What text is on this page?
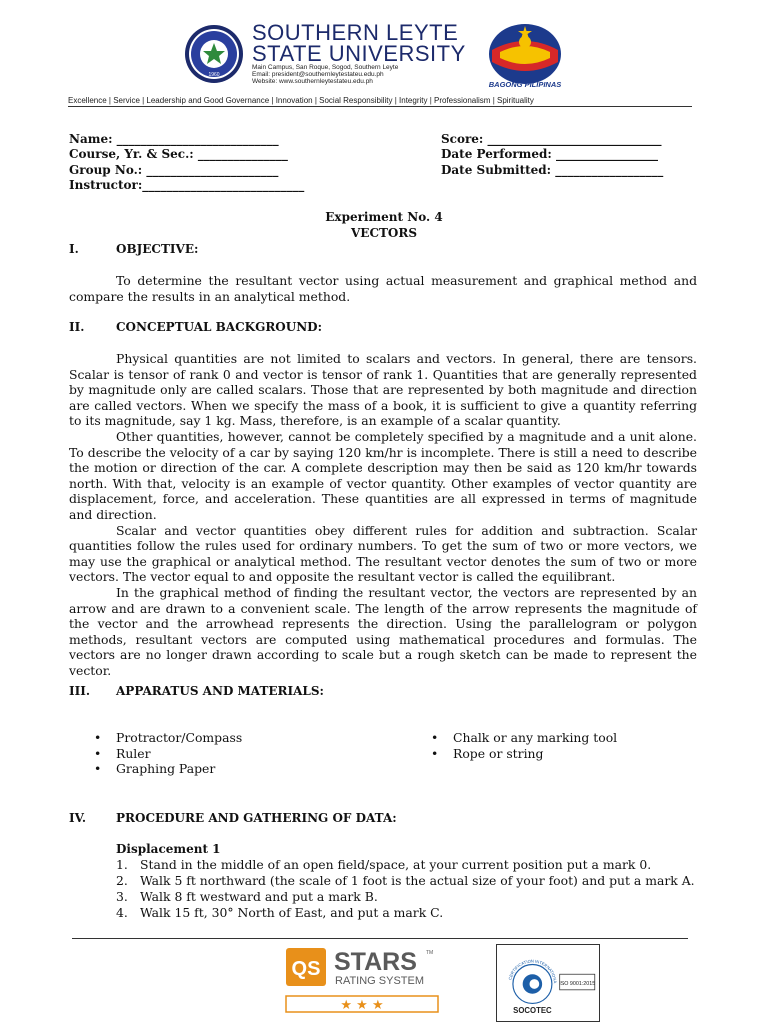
1960
SOUTHERN LEYTE
STATE UNIVERSITY
Main Campus, San Roque, Sogod, Southern Leyte
Email: president@southernleytestateu.edu.ph
Website: www.southernleytestateu.edu.ph	BAGONG PILIPINAS
Excellence | Service | Leadership and Good Governance | Innovation | Social Responsibility | Integrity | Professionalism | Spirituality
Name: ___________________________
Course, Yr. & Sec.: _______________
Group No.: ______________________
Instructor:___________________________
Score: _____________________________
Date Performed: _________________
Date Submitted: __________________
Experiment No. 4
VECTORS
I.	OBJECTIVE:
To determine the resultant vector using actual measurement and graphical method and compare the results in an analytical method.
II.	CONCEPTUAL BACKGROUND:
Physical quantities are not limited to scalars and vectors. In general, there are tensors. Scalar is tensor of rank 0 and vector is tensor of rank 1. Quantities that are generally represented by magnitude only are called scalars. Those that are represented by both magnitude and direction are called vectors. When we specify the mass of a book, it is sufficient to give a quantity referring to its magnitude, say 1 kg. Mass, therefore, is an example of a scalar quantity.
Other quantities, however, cannot be completely specified by a magnitude and a unit alone. To describe the velocity of a car by saying 120 km/hr is incomplete. There is still a need to describe the motion or direction of the car. A complete description may then be said as 120 km/hr towards north. With that, velocity is an example of vector quantity. Other examples of vector quantity are displacement, force, and acceleration. These quantities are all expressed in terms of magnitude and direction.
Scalar and vector quantities obey different rules for addition and subtraction. Scalar quantities follow the rules used for ordinary numbers. To get the sum of two or more vectors, we may use the graphical or analytical method. The resultant vector denotes the sum of two or more vectors. The vector equal to and opposite the resultant vector is called the equilibrant.
In the graphical method of finding the resultant vector, the vectors are represented by an arrow and are drawn to a convenient scale. The length of the arrow represents the magnitude of the vector and the arrowhead represents the direction. Using the parallelogram or polygon methods, resultant vectors are computed using mathematical procedures and formulas. The vectors are no longer drawn according to scale but a rough sketch can be made to represent the vector.
III. APPARATUS AND MATERIALS:
• Protractor/Compass
• Ruler
• Graphing Paper
• Chalk or any marking tool
• Rope or string
IV. PROCEDURE AND GATHERING OF DATA:
Displacement 1
1. Stand in the middle of an open field/space, at your current position put a mark 0.
2. Walk 5 ft northward (the scale of 1 foot is the actual size of your foot) and put a mark A.
3. Walk 8 ft westward and put a mark B.
4. Walk 15 ft, 30° North of East, and put a mark C.
QS STARS TM
RATING SYSTEM
★ ★ ★
CERTIFICATION INTERNATIONA ISO 9001:2015
SOCOTEC
